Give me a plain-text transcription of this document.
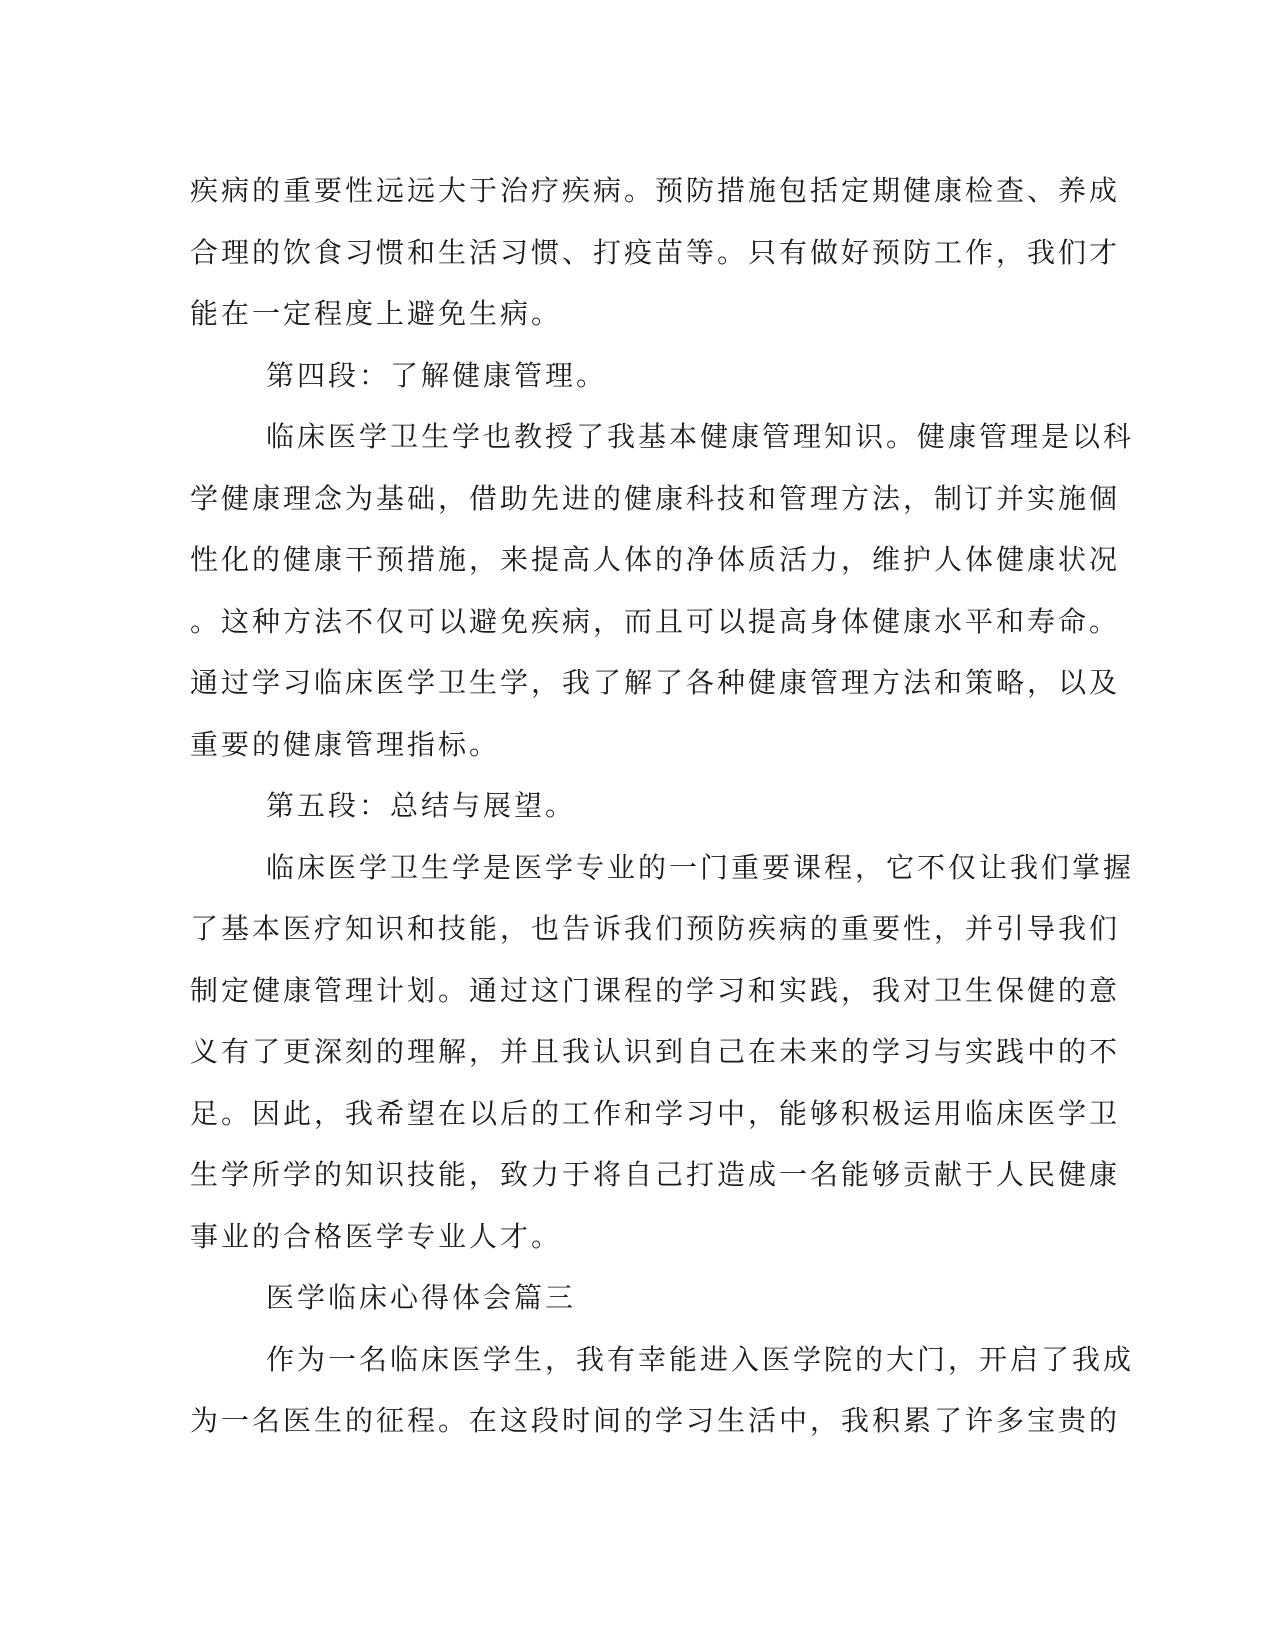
疾病的重要性远远大于治疗疾病。预防措施包括定期健康检查、养成
合理的饮食习惯和生活习惯、打疫苗等。只有做好预防工作，我们才
能在一定程度上避免生病。
第四段：了解健康管理。
临床医学卫生学也教授了我基本健康管理知识。健康管理是以科
学健康理念为基础，借助先进的健康科技和管理方法，制订并实施個
性化的健康干预措施，来提高人体的净体质活力，维护人体健康状况
。这种方法不仅可以避免疾病，而且可以提高身体健康水平和寿命。
通过学习临床医学卫生学，我了解了各种健康管理方法和策略，以及
重要的健康管理指标。
第五段：总结与展望。
临床医学卫生学是医学专业的一门重要课程，它不仅让我们掌握
了基本医疗知识和技能，也告诉我们预防疾病的重要性，并引导我们
制定健康管理计划。通过这门课程的学习和实践，我对卫生保健的意
义有了更深刻的理解，并且我认识到自己在未来的学习与实践中的不
足。因此，我希望在以后的工作和学习中，能够积极运用临床医学卫
生学所学的知识技能，致力于将自己打造成一名能够贡献于人民健康
事业的合格医学专业人才。
医学临床心得体会篇三
作为一名临床医学生，我有幸能进入医学院的大门，开启了我成
为一名医生的征程。在这段时间的学习生活中，我积累了许多宝贵的
